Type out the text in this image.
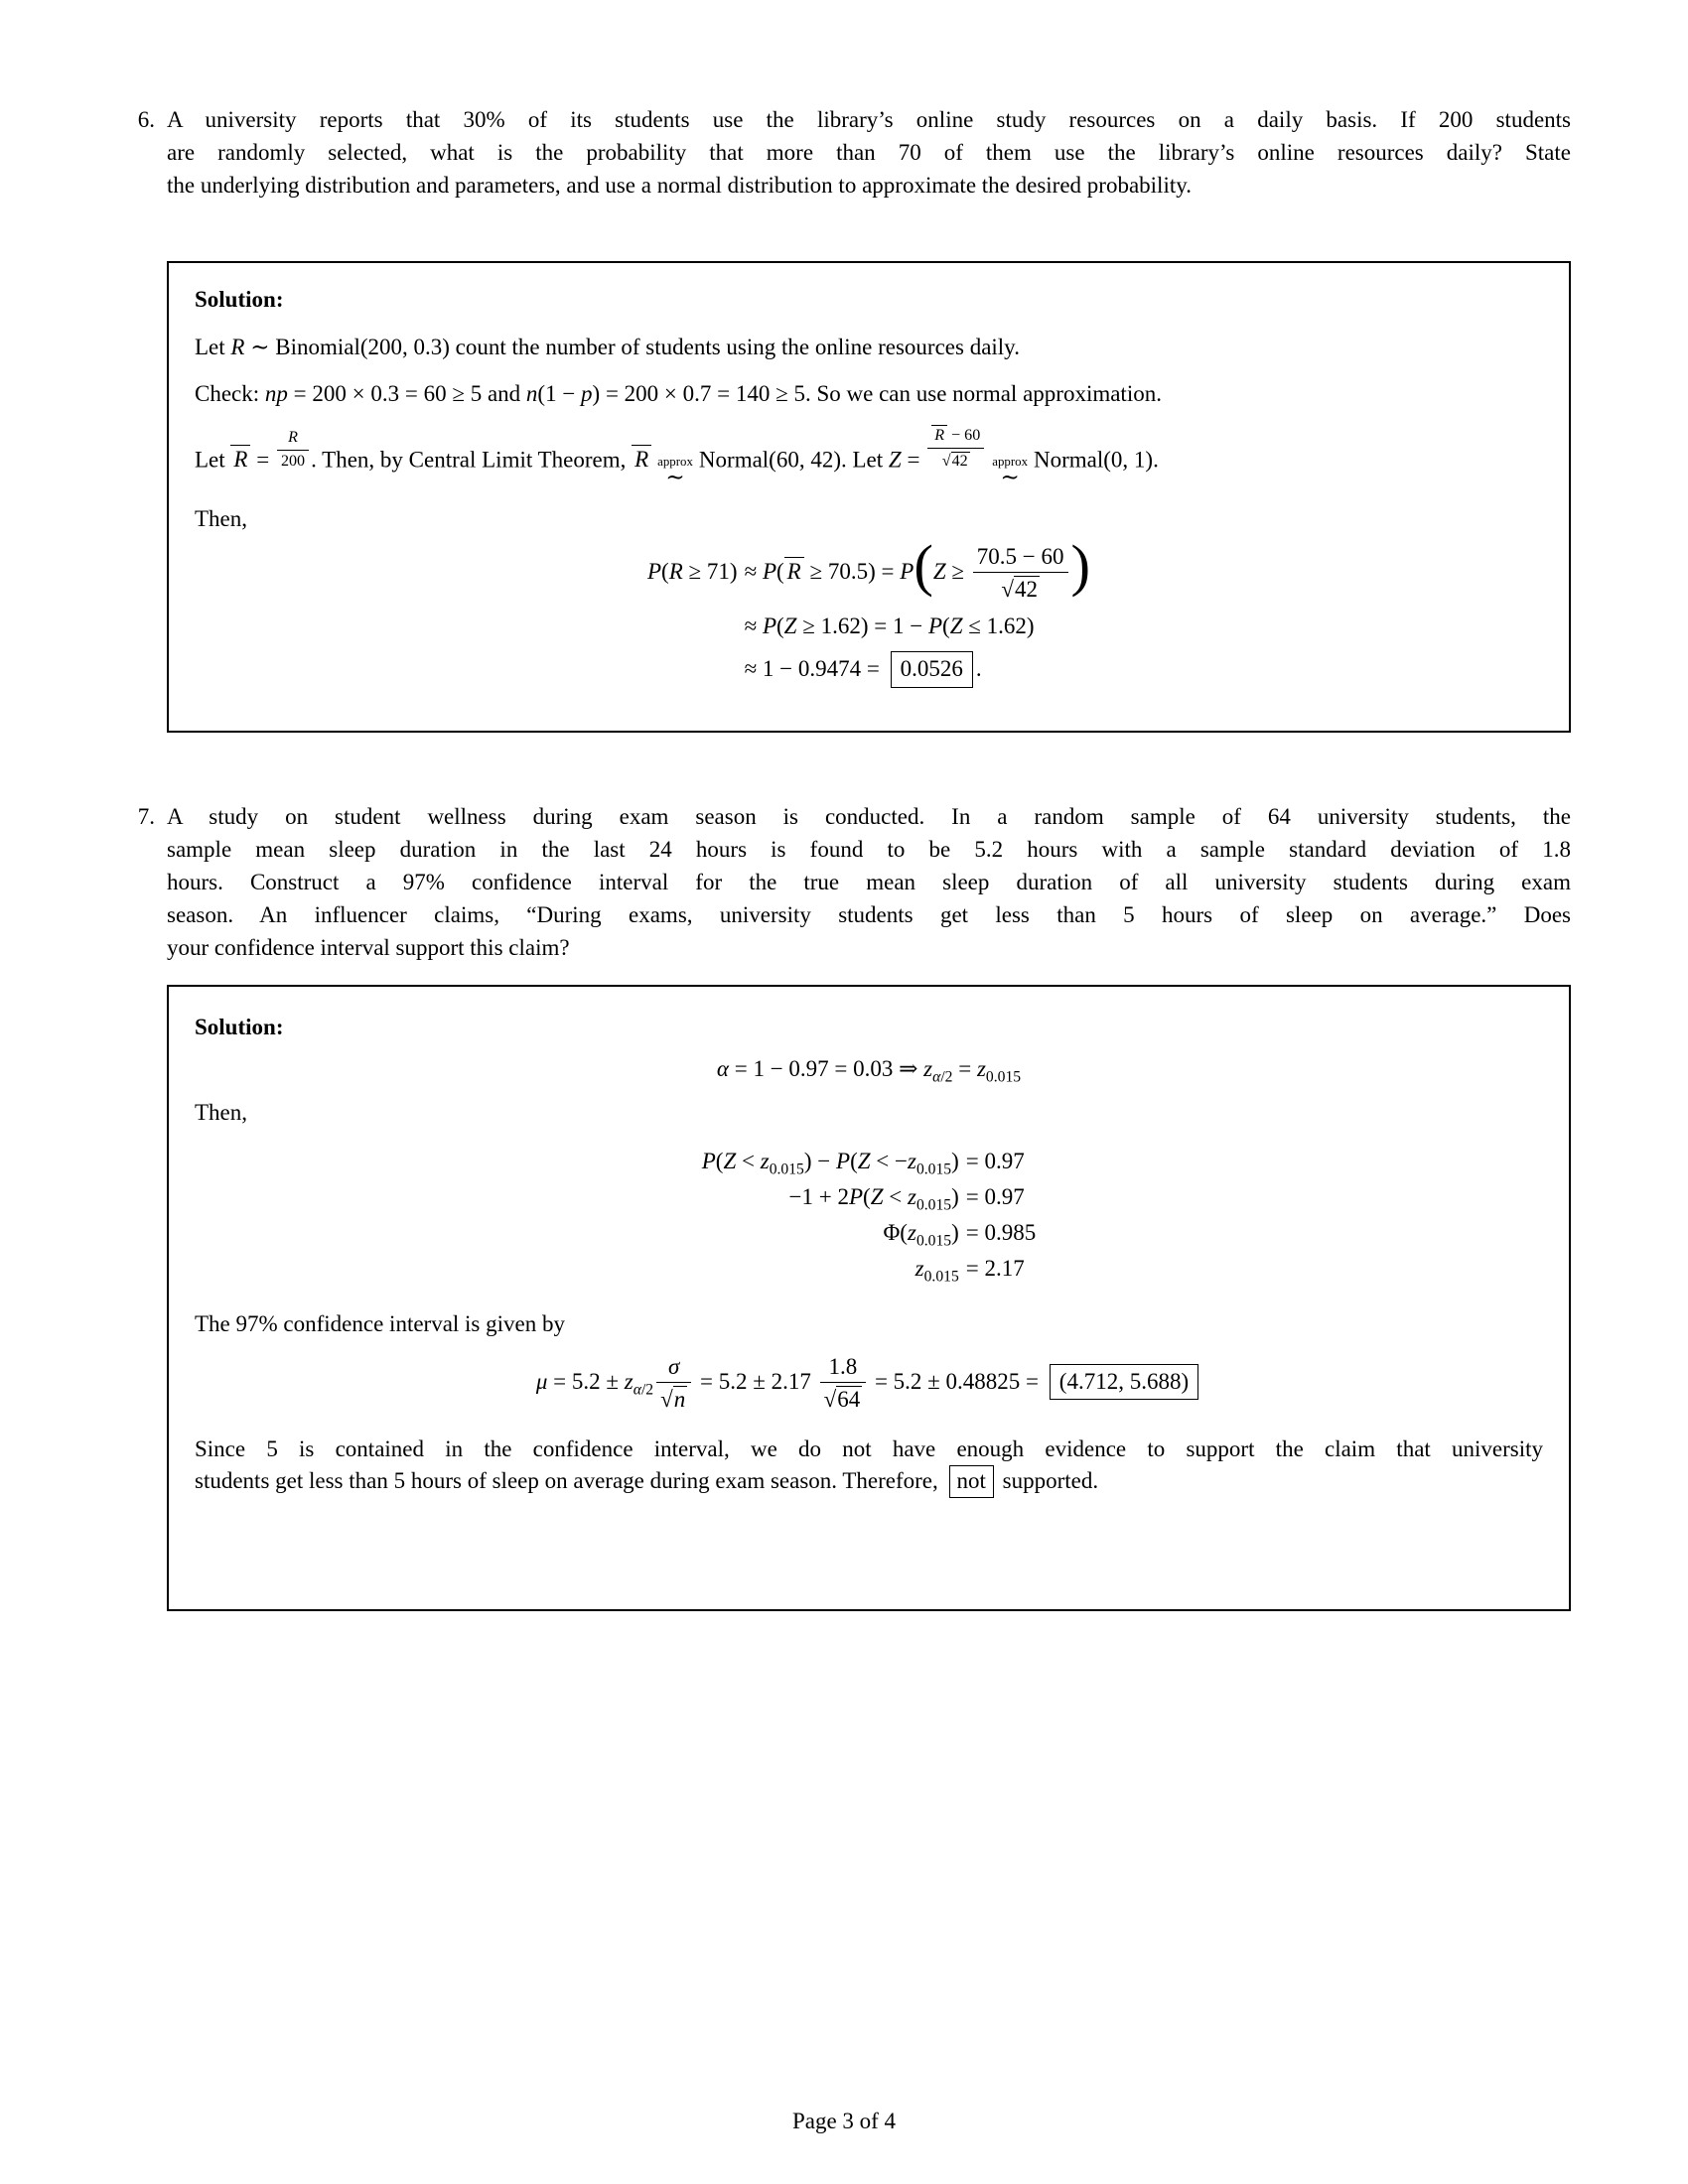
6. A university reports that 30% of its students use the library’s online study resources on a daily basis. If 200 students
are randomly selected, what is the probability that more than 70 of them use the library’s online resources daily? State
the underlying distribution and parameters, and use a normal distribution to approximate the desired probability.
Solution:
Let R ∼ Binomial(200, 0.3) count the number of students using the online resources daily.
Check: np = 200 × 0.3 = 60 ≥ 5 and n(1 − p) = 200 × 0.7 = 140 ≥ 5. So we can use normal approximation.
Let $R = \frac{R}{200}$ . Then, by Central Limit Theorem, R approx
∼
Normal(60, 42). Let $Z = \frac{R - 60}{√42}$ approx
∼
Normal(0, 1).
Then,
P(R ≥ 71) ≈ P( $R \ge 70.5) = P(Z \ge \frac{70.5 - 60}{√42}$ )
≈ P(Z ≥ 1.62) = 1 − P(Z ≤ 1.62)
≈ 1 − 0.9474 = 0.0526 .
7. A study on student wellness during exam season is conducted. In a random sample of 64 university students, the
sample mean sleep duration in the last 24 hours is found to be 5.2 hours with a sample standard deviation of 1.8
hours. Construct a 97% confidence interval for the true mean sleep duration of all university students during exam
season. An influencer claims, “During exams, university students get less than 5 hours of sleep on average.” Does
your confidence interval support this claim?
Solution:
α = 1 − 0.97 = 0.03 ⇒ $z_{\alpha/2} = z_{0.015}$
Then,
$P(Z < z_{0.015}) - P(Z < -z_{0.015}) = 0.97$
$-1 + 2P(Z < z_{0.015}) = 0.97$
$\Phi(z_{0.015}) = 0.985$
$z_{0.015} = 2.17$
The 97% confidence interval is given by
$\mu = 5.2 \pm z_{\alpha/2} \frac{\sigma}{√n} = 5.2 \pm 2.17 \frac{1.8}{√64} = 5.2 \pm 0.48825 = (4.712$, 5.688)
Since 5 is contained in the confidence interval, we do not have enough evidence to support the claim that university
students get less than 5 hours of sleep on average during exam season. Therefore, not supported.
Page 3 of 4
